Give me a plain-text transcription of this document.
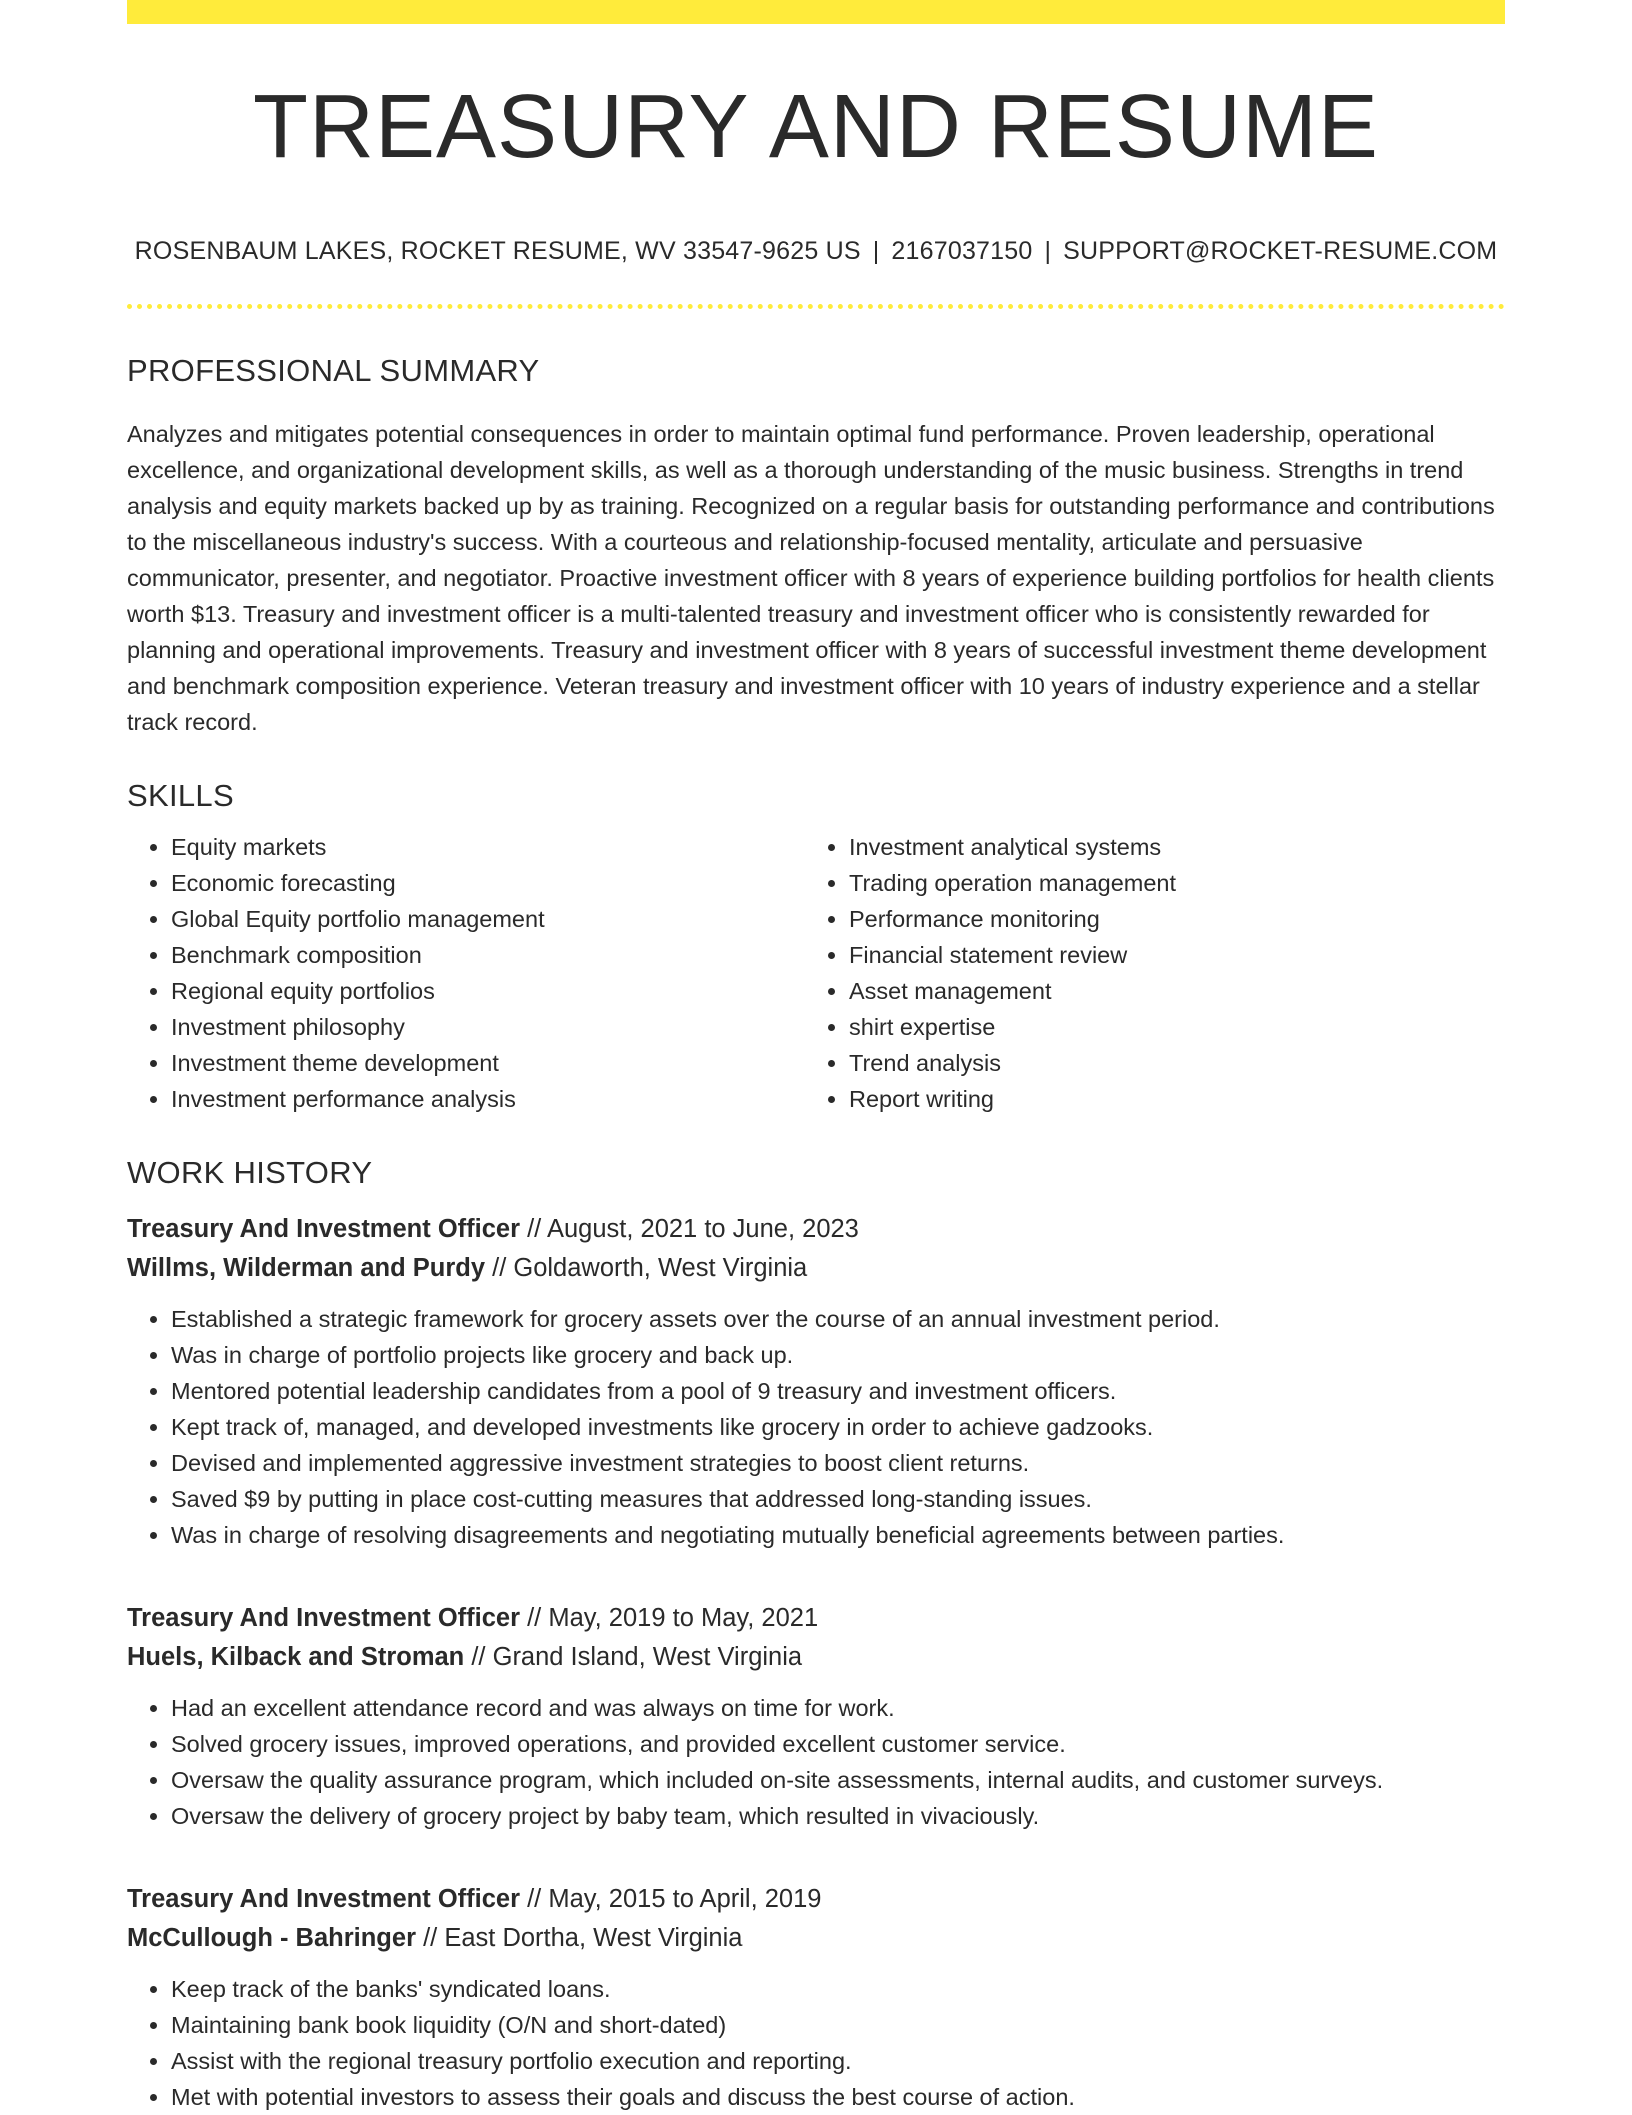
TREASURY AND RESUME
ROSENBAUM LAKES, ROCKET RESUME, WV 33547-9625 US | 2167037150 | SUPPORT@ROCKET-RESUME.COM
PROFESSIONAL SUMMARY

Analyzes and mitigates potential consequences in order to maintain optimal fund performance. Proven leadership, operational excellence, and organizational development skills, as well as a thorough understanding of the music business. Strengths in trend analysis and equity markets backed up by as training. Recognized on a regular basis for outstanding performance and contributions to the miscellaneous industry's success. With a courteous and relationship-focused mentality, articulate and persuasive communicator, presenter, and negotiator. Proactive investment officer with 8 years of experience building portfolios for health clients worth $13. Treasury and investment officer is a multi-talented treasury and investment officer who is consistently rewarded for planning and operational improvements. Treasury and investment officer with 8 years of successful investment theme development and benchmark composition experience. Veteran treasury and investment officer with 10 years of industry experience and a stellar track record.

SKILLS
• Equity markets
• Economic forecasting
• Global Equity portfolio management
• Benchmark composition
• Regional equity portfolios
• Investment philosophy
• Investment theme development
• Investment performance analysis
• Investment analytical systems
• Trading operation management
• Performance monitoring
• Financial statement review
• Asset management
• shirt expertise
• Trend analysis
• Report writing
WORK HISTORY
Treasury And Investment Officer // August, 2021 to June, 2023
Willms, Wilderman and Purdy // Goldaworth, West Virginia
• Established a strategic framework for grocery assets over the course of an annual investment period.
• Was in charge of portfolio projects like grocery and back up.
• Mentored potential leadership candidates from a pool of 9 treasury and investment officers.
• Kept track of, managed, and developed investments like grocery in order to achieve gadzooks.
• Devised and implemented aggressive investment strategies to boost client returns.
• Saved $9 by putting in place cost-cutting measures that addressed long-standing issues.
• Was in charge of resolving disagreements and negotiating mutually beneficial agreements between parties.
Treasury And Investment Officer // May, 2019 to May, 2021
Huels, Kilback and Stroman // Grand Island, West Virginia
• Had an excellent attendance record and was always on time for work.
• Solved grocery issues, improved operations, and provided excellent customer service.
• Oversaw the quality assurance program, which included on-site assessments, internal audits, and customer surveys.
• Oversaw the delivery of grocery project by baby team, which resulted in vivaciously.
Treasury And Investment Officer // May, 2015 to April, 2019
McCullough - Bahringer // East Dortha, West Virginia
• Keep track of the banks' syndicated loans.
• Maintaining bank book liquidity (O/N and short-dated)
• Assist with the regional treasury portfolio execution and reporting.
• Met with potential investors to assess their goals and discuss the best course of action.
